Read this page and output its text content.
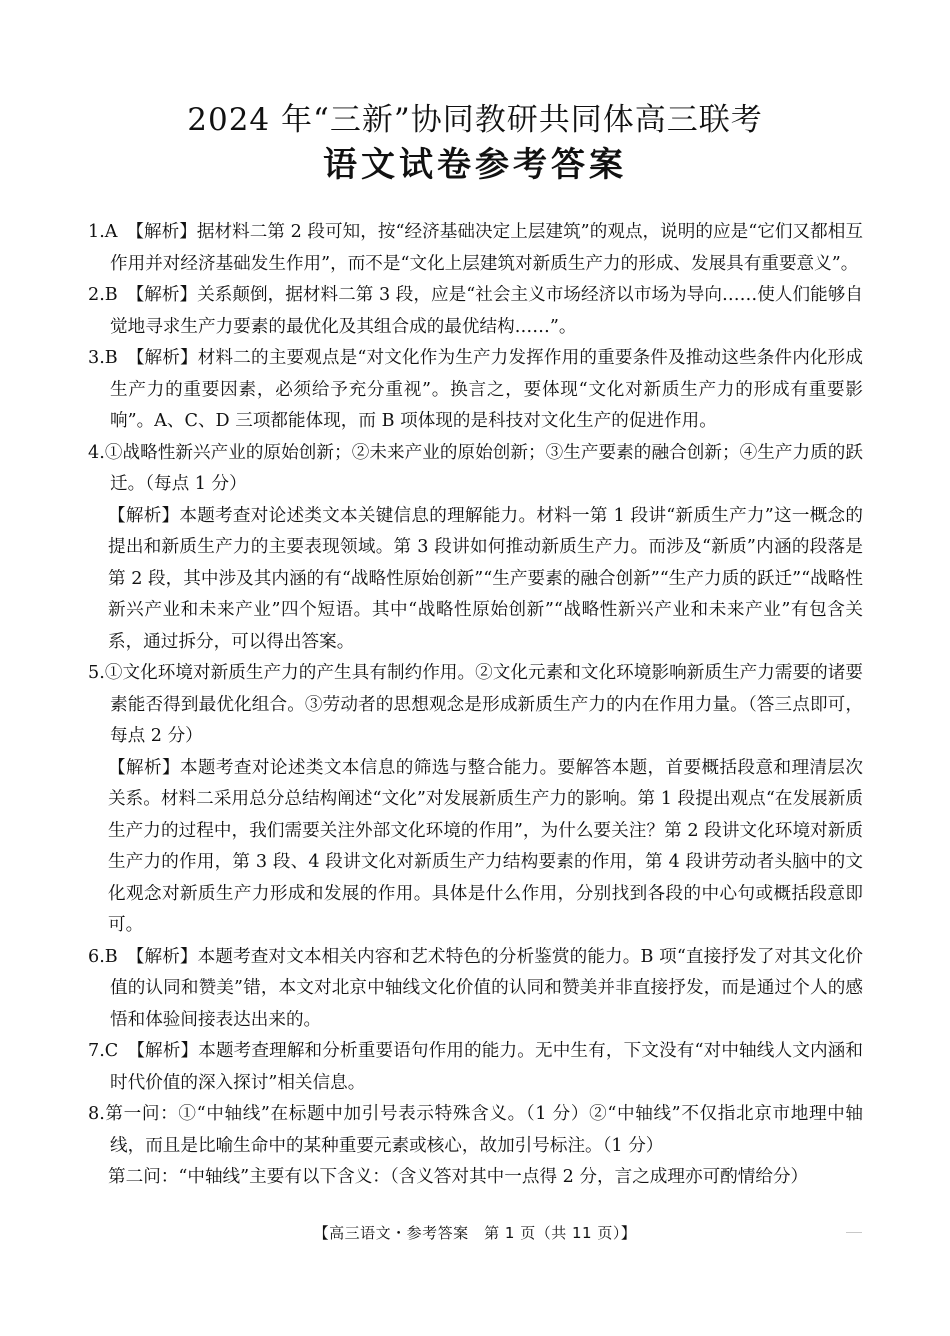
2024 年“三新”协同教研共同体高三联考
语文试卷参考答案

1.A　 【解析】据材料二第 2 段可知，按“经济基础决定上层建筑”的观点，说明的应是“它们又都相互作用并对经济基础发生作用”，而不是“文化上层建筑对新质生产力的形成、发展具有重要意义”。

2.B　 【解析】关系颠倒，据材料二第 3 段，应是“社会主义市场经济以市场为导向……使人们能够自觉地寻求生产力要素的最优化及其组合成的最优结构……”。

3.B　 【解析】材料二的主要观点是“对文化作为生产力发挥作用的重要条件及推动这些条件内化形成生产力的重要因素，必须给予充分重视”。换言之，要体现“文化对新质生产力的形成有重要影响”。A、C、D 三项都能体现，而 B 项体现的是科技对文化生产的促进作用。

4.①战略性新兴产业的原始创新；②未来产业的原始创新；③生产要素的融合创新；④生产力质的跃迁。（每点 1 分）

【解析】本题考查对论述类文本关键信息的理解能力。材料一第 1 段讲“新质生产力”这一概念的提出和新质生产力的主要表现领域。第 3 段讲如何推动新质生产力。而涉及“新质”内涵的段落是第 2 段，其中涉及其内涵的有“战略性原始创新”“生产要素的融合创新”“生产力质的跃迁”“战略性新兴产业和未来产业”四个短语。其中“战略性原始创新”“战略性新兴产业和未来产业”有包含关系，通过拆分，可以得出答案。

5.①文化环境对新质生产力的产生具有制约作用。②文化元素和文化环境影响新质生产力需要的诸要素能否得到最优化组合。③劳动者的思想观念是形成新质生产力的内在作用力量。（答三点即可，每点 2 分）

【解析】本题考查对论述类文本信息的筛选与整合能力。要解答本题，首要概括段意和理清层次关系。材料二采用总分总结构阐述“文化”对发展新质生产力的影响。第 1 段提出观点“在发展新质生产力的过程中，我们需要关注外部文化环境的作用”，为什么要关注？第 2 段讲文化环境对新质生产力的作用，第 3 段、4 段讲文化对新质生产力结构要素的作用，第 4 段讲劳动者头脑中的文化观念对新质生产力形成和发展的作用。具体是什么作用，分别找到各段的中心句或概括段意即可。

6.B　 【解析】本题考查对文本相关内容和艺术特色的分析鉴赏的能力。B 项“直接抒发了对其文化价值的认同和赞美”错，本文对北京中轴线文化价值的认同和赞美并非直接抒发，而是通过个人的感悟和体验间接表达出来的。

7.C　 【解析】本题考查理解和分析重要语句作用的能力。无中生有，下文没有“对中轴线人文内涵和时代价值的深入探讨”相关信息。

8.第一问：①“中轴线”在标题中加引号表示特殊含义。（1 分）②“中轴线”不仅指北京市地理中轴线，而且是比喻生命中的某种重要元素或核心，故加引号标注。（1 分）

第二问：“中轴线”主要有以下含义：（含义答对其中一点得 2 分，言之成理亦可酌情给分）

【高三语文・参考答案　第 1 页（共 11 页）】
